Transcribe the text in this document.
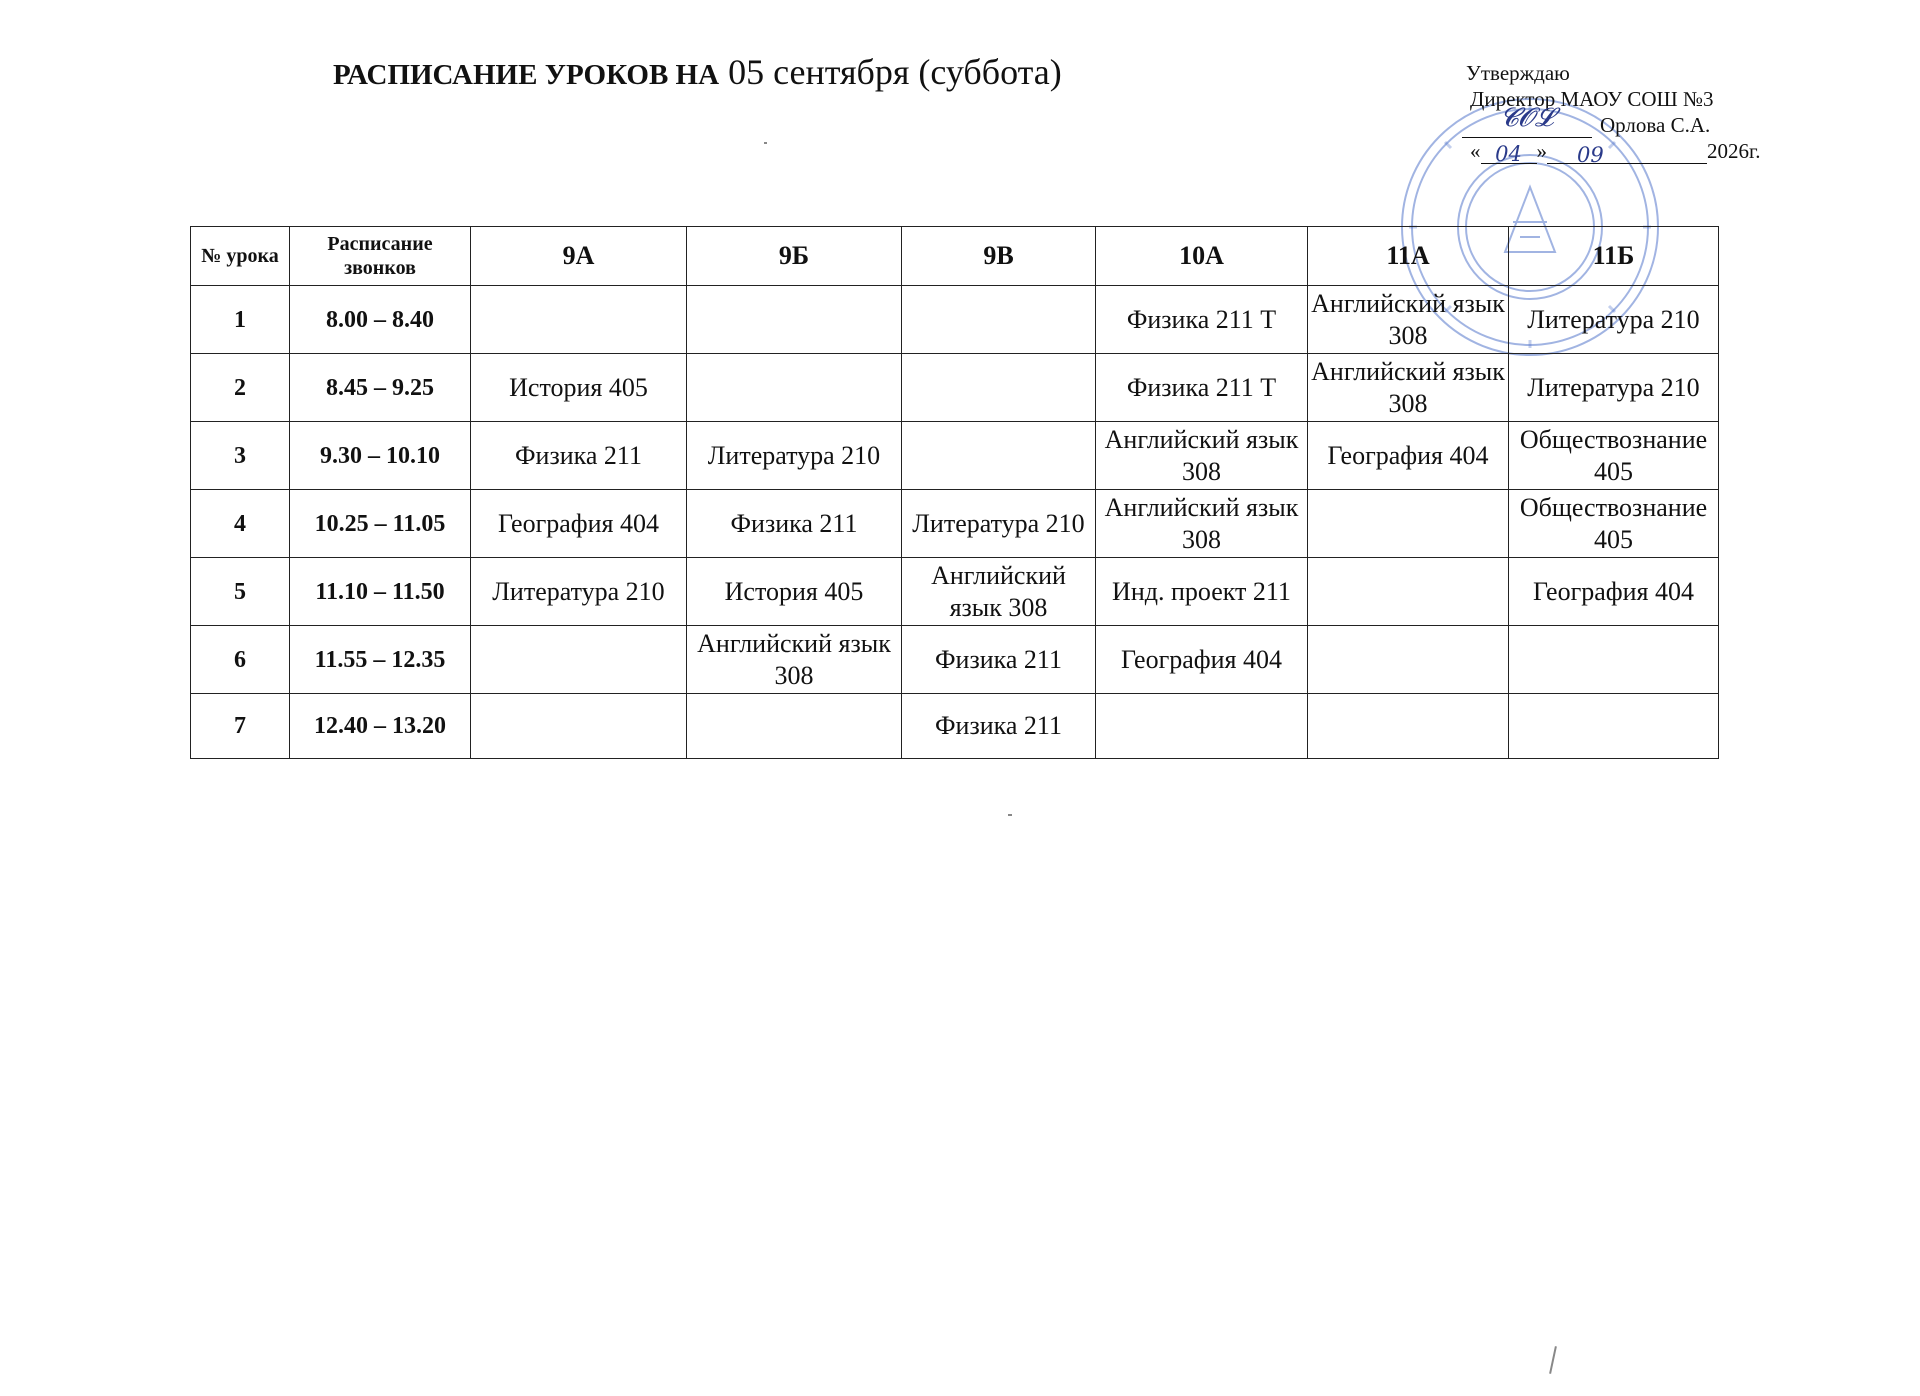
РАСПИСАНИЕ УРОКОВ НА 05 сентября (суббота)	Утверждаю
Директор МАОУ СОШ №3
𝓒𝓞𝓛 Орлова С.А.
« 04 »	09	2026г.
№ урока	Расписание звонков	9А	9Б	9В	10А	11А	11Б
1	8.00 – 8.40				Физика 211 Т	Английский язык 308	Литература 210
2	8.45 – 9.25	История 405			Физика 211 Т	Английский язык 308	Литература 210
3	9.30 – 10.10	Физика 211	Литература 210		Английский язык 308	География 404	Обществознание 405
4	10.25 – 11.05	География 404	Физика 211	Литература 210	Английский язык 308		Обществознание 405
5	11.10 – 11.50	Литература 210	История 405	Английский язык 308	Инд. проект 211		География 404
6	11.55 – 12.35		Английский язык 308	Физика 211	География 404		
7	12.40 – 13.20			Физика 211			
